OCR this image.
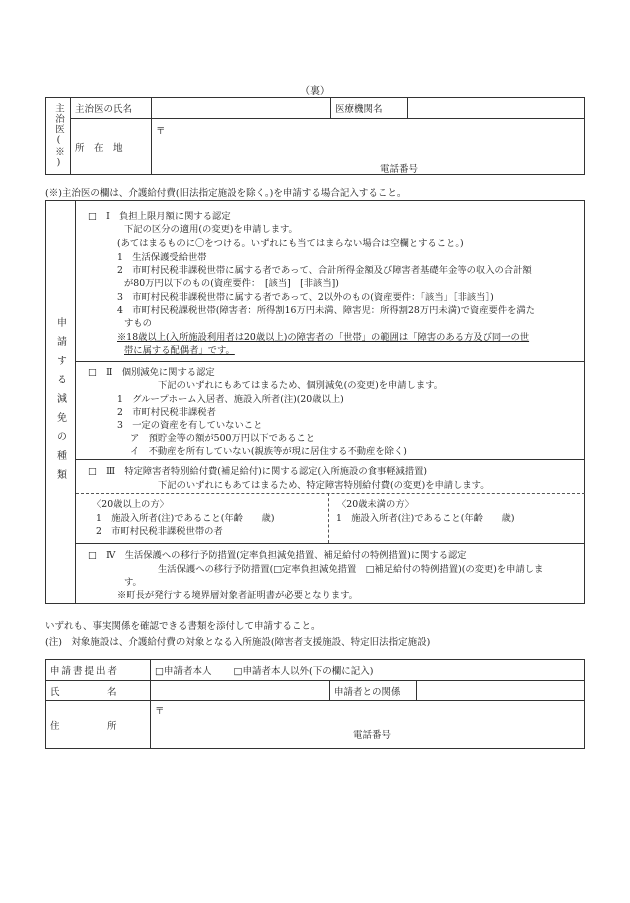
（裏）
主治医(※)	主治医の氏名		医療機関名	
	所　在　地	〒
電話番号		
(※)主治医の欄は、介護給付費(旧法指定施設を除く。)を申請する場合記入すること。
申請する減免の種類
□　Ⅰ　負担上限月額に関する認定
下記の区分の適用(の変更)を申請します。
(あてはまるものに〇をつける。いずれにも当てはまらない場合は空欄とすること。)
1　生活保護受給世帯
2　市町村民税非課税世帯に属する者であって、合計所得金額及び障害者基礎年金等の収入の合計額
が80万円以下のもの(資産要件：　[該当]　[非該当])
3　市町村民税非課税世帯に属する者であって、2以外のもの(資産要件：「該当」［非該当］)
4　市町村民税課税世帯(障害者：所得割16万円未満、障害児：所得割28万円未満)で資産要件を満た
すもの
※18歳以上(入所施設利用者は20歳以上)の障害者の「世帯」の範囲は「障害のある方及び同一の世
帯に属する配偶者」です。
□　Ⅱ　個別減免に関する認定
下記のいずれにもあてはまるため、個別減免(の変更)を申請します。
1　グループホーム入居者、施設入所者(注)(20歳以上)
2　市町村民税非課税者
3　一定の資産を有していないこと
ア　預貯金等の額が500万円以下であること
イ　不動産を所有していない(親族等が現に居住する不動産を除く)
□　Ⅲ　特定障害者特別給付費(補足給付)に関する認定(入所施設の食事軽減措置)
下記のいずれにもあてはまるため、特定障害特別給付費(の変更)を申請します。
〈20歳以上の方〉
1　施設入所者(注)であること(年齢　　歳)
2　市町村民税非課税世帯の者
〈20歳未満の方〉
1　施設入所者(注)であること(年齢　　歳)
□　Ⅳ　生活保護への移行予防措置(定率負担減免措置、補足給付の特例措置)に関する認定
生活保護への移行予防措置(□定率負担減免措置　□補足給付の特例措置)(の変更)を申請しま
す。
※町長が発行する境界層対象者証明書が必要となります。
いずれも、事実関係を確認できる書類を添付して申請すること。
(注)　対象施設は、介護給付費の対象となる入所施設(障害者支援施設、特定旧法指定施設)
申請書提出者	□申請者本人 □申請者本人以外(下の欄に記入)		
氏　　　　　名		申請者との関係	
住　　　　　所	〒
電話番号		
